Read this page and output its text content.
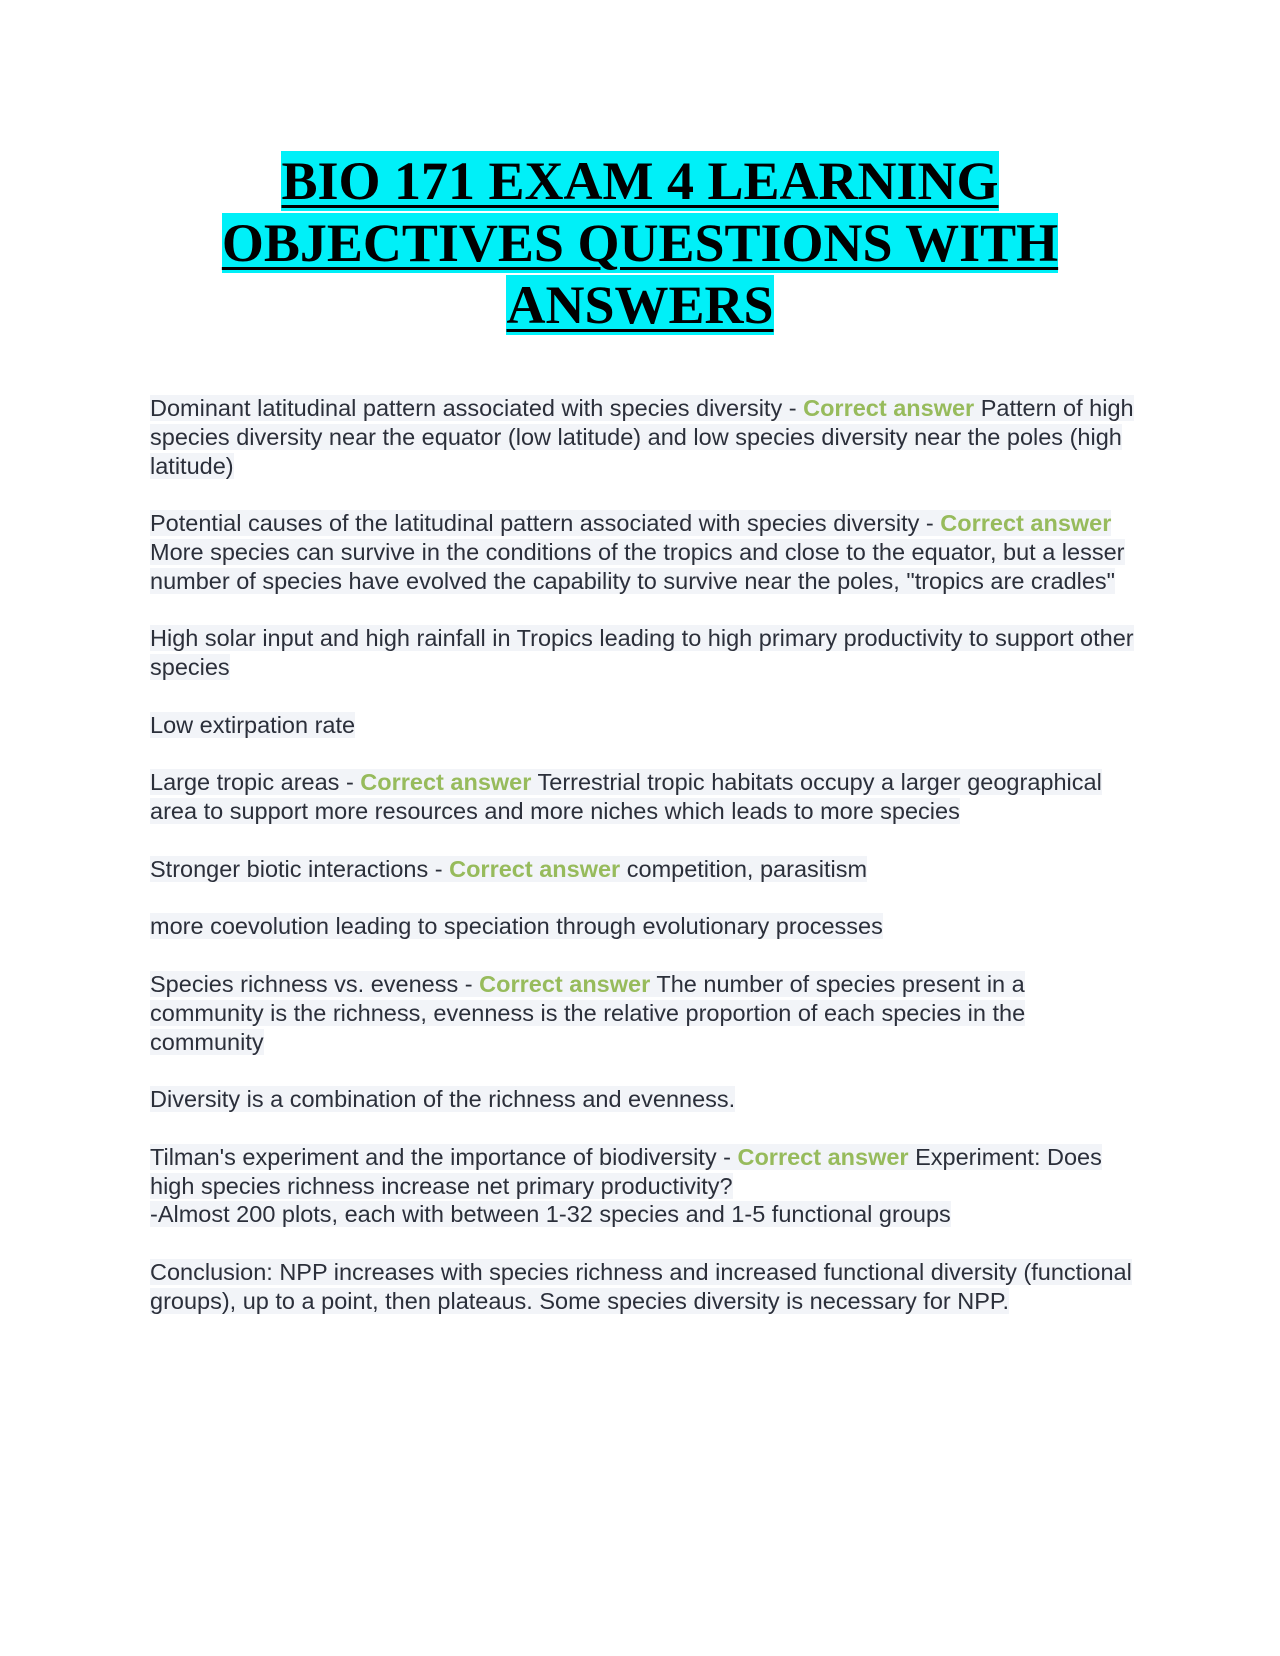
BIO 171 EXAM 4 LEARNING
OBJECTIVES QUESTIONS WITH
ANSWERS

Dominant latitudinal pattern associated with species diversity - Correct answer Pattern of high species diversity near the equator (low latitude) and low species diversity near the poles (high latitude)

Potential causes of the latitudinal pattern associated with species diversity - Correct answer More species can survive in the conditions of the tropics and close to the equator, but a lesser number of species have evolved the capability to survive near the poles, "tropics are cradles"

High solar input and high rainfall in Tropics leading to high primary productivity to support other species

Low extirpation rate

Large tropic areas - Correct answer Terrestrial tropic habitats occupy a larger geographical area to support more resources and more niches which leads to more species

Stronger biotic interactions - Correct answer competition, parasitism

more coevolution leading to speciation through evolutionary processes

Species richness vs. eveness - Correct answer The number of species present in a community is the richness, evenness is the relative proportion of each species in the community

Diversity is a combination of the richness and evenness.

Tilman's experiment and the importance of biodiversity - Correct answer Experiment: Does high species richness increase net primary productivity?
-Almost 200 plots, each with between 1-32 species and 1-5 functional groups

Conclusion: NPP increases with species richness and increased functional diversity (functional groups), up to a point, then plateaus. Some species diversity is necessary for NPP.
